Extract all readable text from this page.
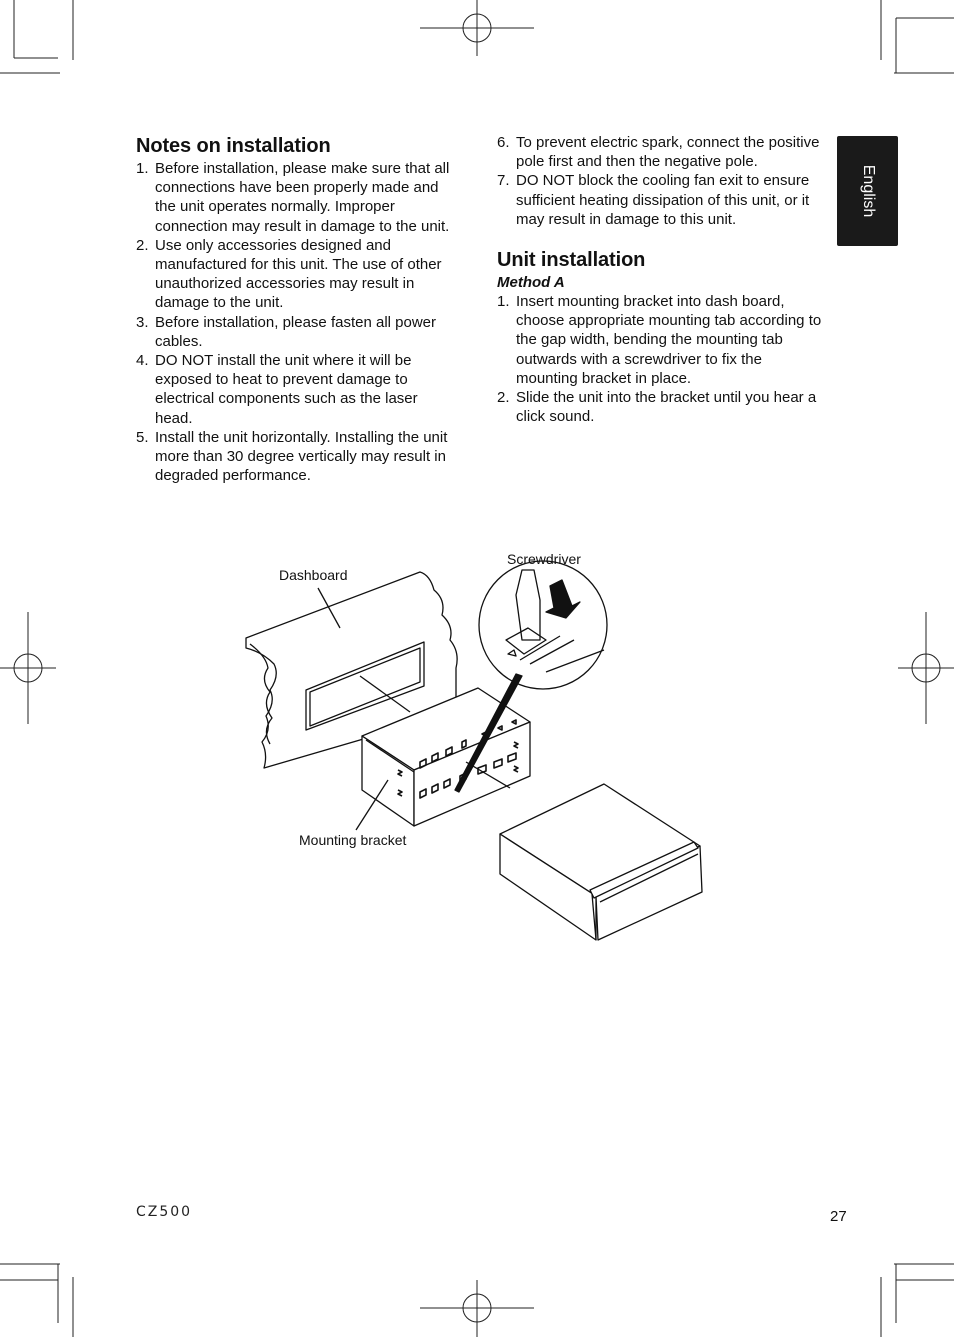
English
Notes on installation
1. Before installation, please make sure that all connections have been properly made and the unit operates normally. Improper connection may result in damage to the unit.
2. Use only accessories designed and manufactured for this unit. The use of other unauthorized accessories may result in damage to the unit.
3. Before installation, please fasten all power cables.
4. DO NOT install the unit where it will be exposed to heat to prevent damage to electrical components such as the laser head.
5. Install the unit horizontally. Installing the unit more than 30 degree vertically may result in degraded performance.
6. To prevent electric spark, connect the positive pole first and then the negative pole.
7. DO NOT block the cooling fan exit to ensure sufficient heating dissipation of this unit, or it may result in damage to this unit.
Unit installation
Method A
1. Insert mounting bracket into dash board, choose appropriate mounting tab according to the gap width, bending the mounting tab outwards with a screwdriver to fix the mounting bracket in place.
2. Slide the unit into the bracket until you hear a click sound.
Dashboard
Screwdriver
Mounting bracket
CZ500	27
